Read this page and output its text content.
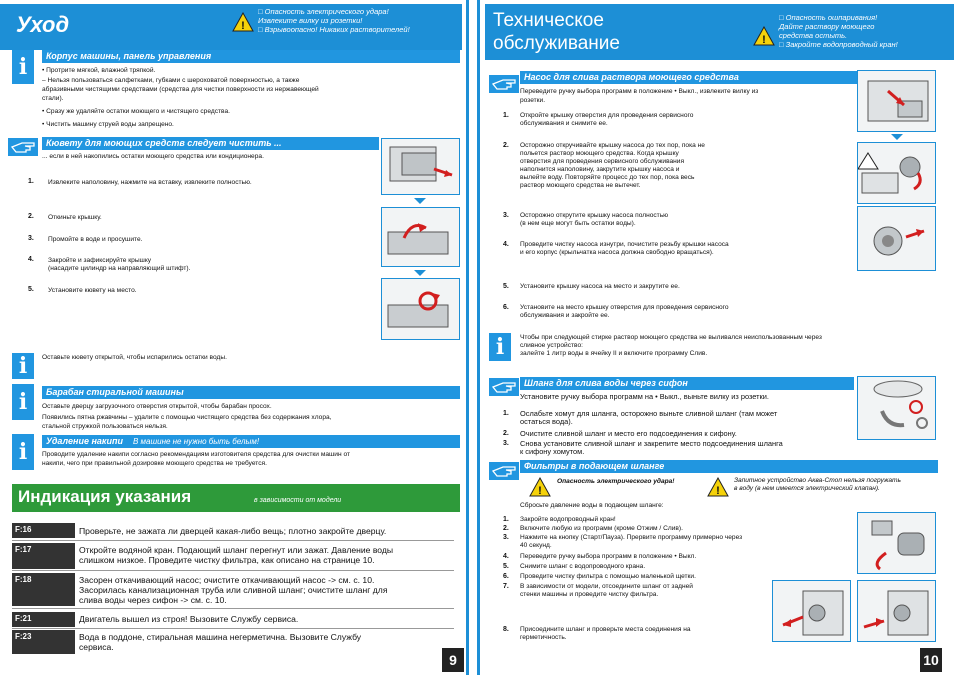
Уход	!
□ Опасность электрического удара!
Извлеките вилку из розетки!
□ Взрывоопасно! Никаких растворителей!
i	Корпус машины, панель управления
• Протрите мягкой, влажной тряпкой.
– Нельзя пользоваться салфетками, губками с шероховатой поверхностью, а также
абразивными чистящими средствами (средства для чистки поверхности из нержавеющей
стали).
• Сразу же удаляйте остатки моющего и чистящего средства.
• Чистить машину струей воды запрещено.
Кювету для моющих средств следует чистить ...
... если в ней накопились остатки моющего средства или кондиционера.
1. Извлеките наполовину, нажмите на вставку, извлеките полностью.
2. Откиньте крышку.
3. Промойте в воде и просушите.
4. Закройте и зафиксируйте крышку
(насадите цилиндр на направляющий штифт).
5. Установите кювету на место.
i	Оставьте кювету открытой, чтобы испарились остатки воды.
i	Барабан стиральной машины
Оставьте дверцу загрузочного отверстия открытой, чтобы барабан просох.
Появились пятна ржавчины – удалите с помощью чистящего средства без содержания хлора,
стальной стружкой пользоваться нельзя.
i	Удаление накипи В машине не нужно быть белым!
Проводите удаление накипи согласно рекомендациям изготовителя средства для очистки машин от
накипи, чего при правильной дозировке моющего средства не требуется.
Индикация указания	в зависимости от модели
F:16	Проверьте, не зажата ли дверцей какая-либо вещь; плотно закройте дверцу.
F:17	Откройте водяной кран. Подающий шланг перегнут или зажат. Давление воды
слишком низкое. Проведите чистку фильтра, как описано на странице 10.
F:18	Засорен откачивающий насос; очистите откачивающий насос -> см. с. 10.
Засорилась канализационная труба или сливной шланг; очистите шланг для
слива воды через сифон -> см. с. 10.
F:21	Двигатель вышел из строя! Вызовите Службу сервиса.
F:23	Вода в поддоне, стиральная машина негерметична. Вызовите Службу
сервиса.
9
Техническое
обслуживание	!
□ Опасность ошпаривания!
Дайте раствору моющего
средства остыть.
□ Закройте водопроводный кран!
Насос для слива раствора моющего средства
Переведите ручку выбора программ в положение • Выкл., извлеките вилку из
розетки.
1. Откройте крышку отверстия для проведения сервисного
обслуживания и снимите ее.
2. Осторожно откручивайте крышку насоса до тех пор, пока не
польется раствор моющего средства. Когда крышку
отверстия для проведения сервисного обслуживания
наполнится наполовину, закрутите крышку насоса и
вылейте воду. Повторяйте процесс до тех пор, пока весь
раствор моющего средства не вытечет.
3. Осторожно открутите крышку насоса полностью
(в нем еще могут быть остатки воды).
4. Проведите чистку насоса изнутри, почистите резьбу крышки насоса
и его корпус (крыльчатка насоса должна свободно вращаться).
5. Установите крышку насоса на место и закрутите ее.
6. Установите на место крышку отверстия для проведения сервисного
обслуживания и закройте ее.
i	Чтобы при следующей стирке раствор моющего средства не выливался неиспользованным через
сливное устройство:
залейте 1 литр воды в ячейку II и включите программу Слив.
Шланг для слива воды через сифон
Установите ручку выбора программ на • Выкл., выньте вилку из розетки.
1. Ослабьте хомут для шланга, осторожно выньте сливной шланг (там может
остаться вода).
2. Очистите сливной шланг и место его подсоединения к сифону.
3. Снова установите сливной шланг и закрепите место подсоединения шланга
к сифону хомутом.
Фильтры в подающем шланге
!
Опасность электрического удара!
!
Запитное устройство Аква-Стоп нельзя погружать
в воду (в нем имеется электрический клапан).
Сбросьте давление воды в подающем шланге:
1. Закройте водопроводный кран!
2. Включите любую из программ (кроме Отжим / Слив).
3. Нажмите на кнопку (Старт/Пауза). Прервите программу примерно через
40 секунд.
4. Переведите ручку выбора программ в положение • Выкл.
5. Снимите шланг с водопроводного крана.
6. Проведите чистку фильтра с помощью маленькой щетки.
7. В зависимости от модели, отсоедините шланг от задней
стенки машины и проведите чистку фильтра.
8. Присоедините шланг и проверьте места соединения на
герметичность.
10
